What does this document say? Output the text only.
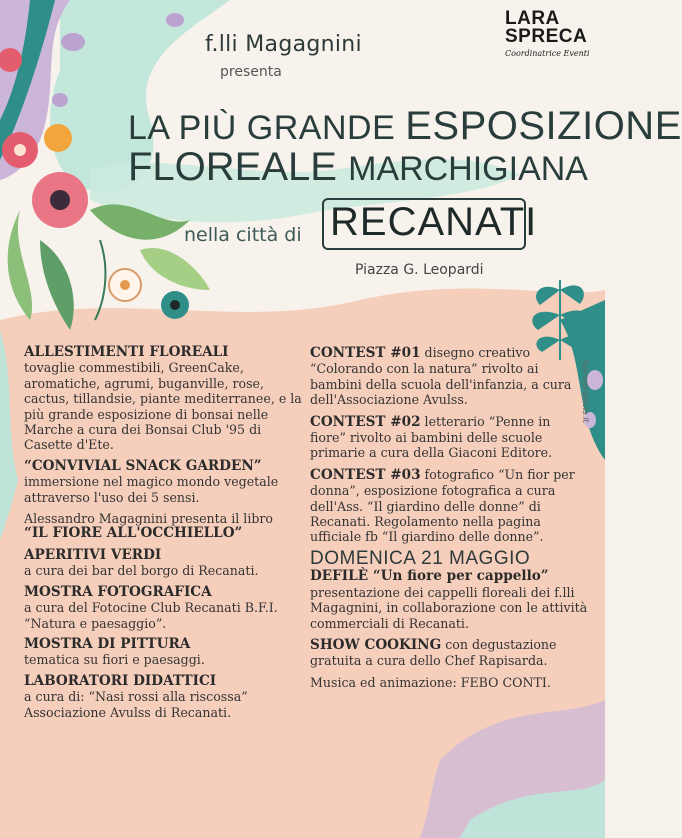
f.lli Magagnini
presenta
LA PIÙ GRANDE ESPOSIZIONE
FLOREALE MARCHIGIANA
nella città di RECANATI
Piazza G. Leopardi
LARA
SPRECA
Coordinatrice Eventi
funnyprojects.it
ALLESTIMENTI FLOREALI
tovaglie commestibili, GreenCake, aromatiche, agrumi, buganville, rose, cactus, tillandsie, piante mediterranee, e la più grande esposizione di bonsai nelle Marche a cura dei Bonsai Club '95 di Casette d'Ete.
“CONVIVIAL SNACK GARDEN”
immersione nel magico mondo vegetale attraverso l'uso dei 5 sensi.
Alessandro Magagnini presenta il libro
“IL FIORE ALL'OCCHIELLO”
APERITIVI VERDI
a cura dei bar del borgo di Recanati.
MOSTRA FOTOGRAFICA
a cura del Fotocine Club Recanati B.F.I. “Natura e paesaggio”.
MOSTRA DI PITTURA
tematica su fiori e paesaggi.
LABORATORI DIDATTICI
a cura di: “Nasi rossi alla riscossa” Associazione Avulss di Recanati.
CONTEST #01 disegno creativo “Colorando con la natura” rivolto ai bambini della scuola dell'infanzia, a cura dell'Associazione Avulss.
CONTEST #02 letterario “Penne in fiore” rivolto ai bambini delle scuole primarie a cura della Giaconi Editore.
CONTEST #03 fotografico “Un fior per donna”, esposizione fotografica a cura dell'Ass. “Il giardino delle donne” di Recanati. Regolamento nella pagina ufficiale fb “Il giardino delle donne”.
DOMENICA 21 MAGGIO
DEFILÈ “Un fiore per cappello”
presentazione dei cappelli floreali dei f.lli Magagnini, in collaborazione con le attività commerciali di Recanati.
SHOW COOKING con degustazione gratuita a cura dello Chef Rapisarda.
Musica ed animazione: FEBO CONTI.
